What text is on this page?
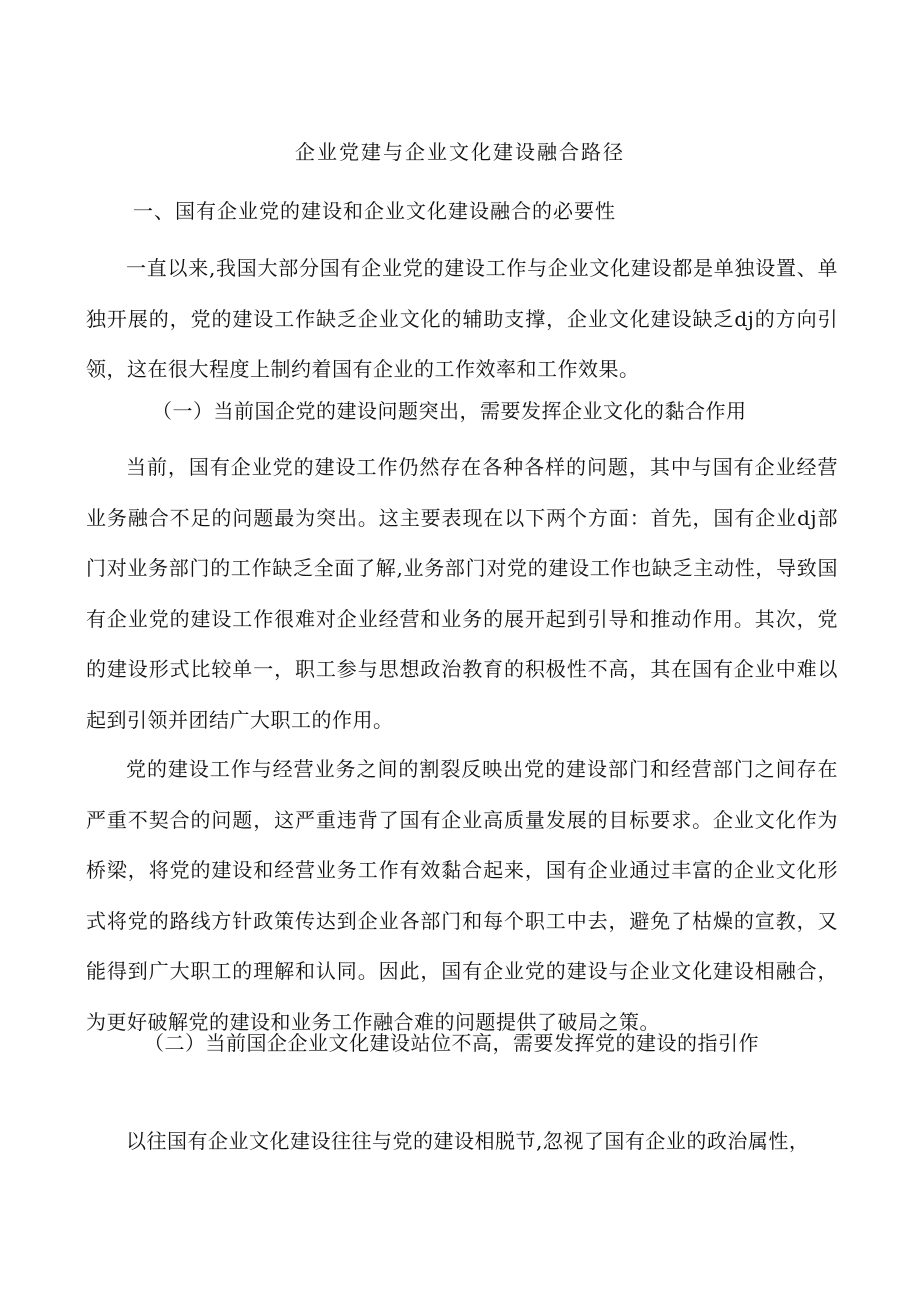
企业党建与企业文化建设融合路径
一、国有企业党的建设和企业文化建设融合的必要性

一直以来,我国大部分国有企业党的建设工作与企业文化建设都是单独设置、单独开展的，党的建设工作缺乏企业文化的辅助支撑，企业文化建设缺乏dj的方向引领，这在很大程度上制约着国有企业的工作效率和工作效果。

（一）当前国企党的建设问题突出，需要发挥企业文化的黏合作用

当前，国有企业党的建设工作仍然存在各种各样的问题，其中与国有企业经营业务融合不足的问题最为突出。这主要表现在以下两个方面：首先，国有企业dj部门对业务部门的工作缺乏全面了解,业务部门对党的建设工作也缺乏主动性，导致国有企业党的建设工作很难对企业经营和业务的展开起到引导和推动作用。其次，党的建设形式比较单一，职工参与思想政治教育的积极性不高，其在国有企业中难以起到引领并团结广大职工的作用。

党的建设工作与经营业务之间的割裂反映出党的建设部门和经营部门之间存在严重不契合的问题，这严重违背了国有企业高质量发展的目标要求。企业文化作为桥梁，将党的建设和经营业务工作有效黏合起来，国有企业通过丰富的企业文化形式将党的路线方针政策传达到企业各部门和每个职工中去，避免了枯燥的宣教，又能得到广大职工的理解和认同。因此，国有企业党的建设与企业文化建设相融合，为更好破解党的建设和业务工作融合难的问题提供了破局之策。

（二）当前国企企业文化建设站位不高，需要发挥党的建设的指引作

以往国有企业文化建设往往与党的建设相脱节,忽视了国有企业的政治属性，
